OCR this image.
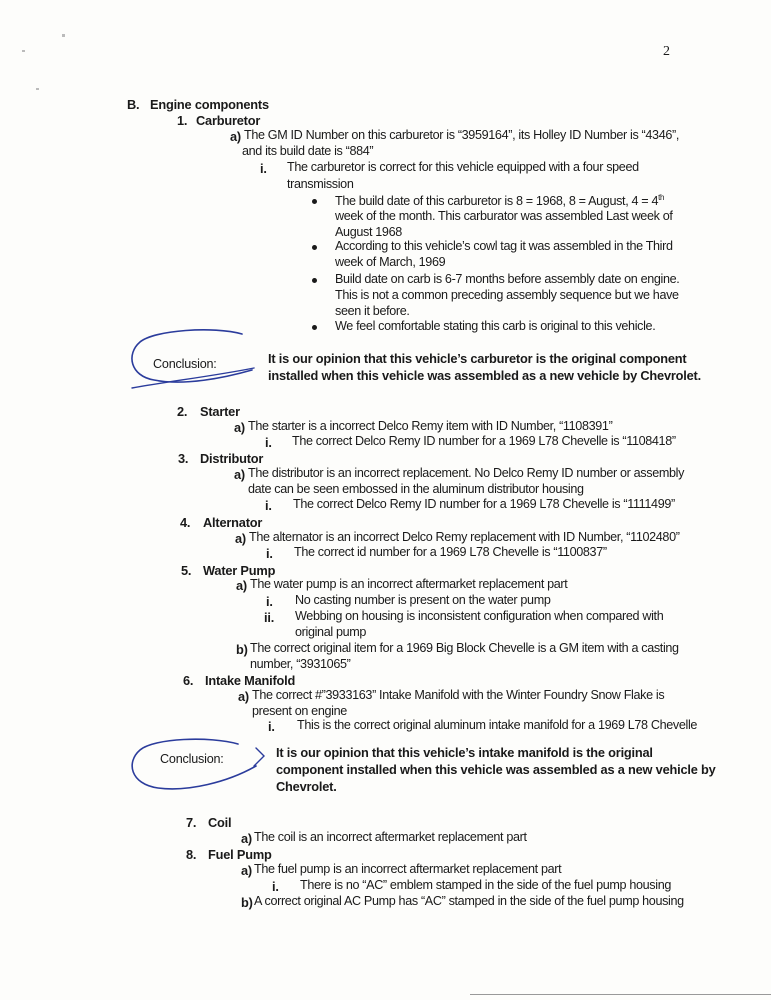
2
B. Engine components
1. Carburetor
a) The GM ID Number on this carburetor is “3959164”, its Holley ID Number is “4346”,
and its build date is “884”
i. The carburetor is correct for this vehicle equipped with a four speed
transmission
The build date of this carburetor is 8 = 1968, 8 = August, 4 = 4th
week of the month. This carburator was assembled Last week of
August 1968
According to this vehicle’s cowl tag it was assembled in the Third
week of March, 1969
Build date on carb is 6-7 months before assembly date on engine.
This is not a common preceding assembly sequence but we have
seen it before.
We feel comfortable stating this carb is original to this vehicle.
Conclusion:	It is our opinion that this vehicle’s carburetor is the original component
installed when this vehicle was assembled as a new vehicle by Chevrolet.
2. Starter
a) The starter is a incorrect Delco Remy item with ID Number, “1108391”
i. The correct Delco Remy ID number for a 1969 L78 Chevelle is “1108418”
3. Distributor
a) The distributor is an incorrect replacement. No Delco Remy ID number or assembly
date can be seen embossed in the aluminum distributor housing
i. The correct Delco Remy ID number for a 1969 L78 Chevelle is “1111499”
4. Alternator
a) The alternator is an incorrect Delco Remy replacement with ID Number, “1102480”
i. The correct id number for a 1969 L78 Chevelle is “1100837”
5. Water Pump
a) The water pump is an incorrect aftermarket replacement part
i. No casting number is present on the water pump
ii. Webbing on housing is inconsistent configuration when compared with
original pump
b) The correct original item for a 1969 Big Block Chevelle is a GM item with a casting
number, “3931065”
6. Intake Manifold
a) The correct #”3933163” Intake Manifold with the Winter Foundry Snow Flake is
present on engine
i. This is the correct original aluminum intake manifold for a 1969 L78 Chevelle
Conclusion:	It is our opinion that this vehicle’s intake manifold is the original
component installed when this vehicle was assembled as a new vehicle by
Chevrolet.
7. Coil
a) The coil is an incorrect aftermarket replacement part
8. Fuel Pump
a) The fuel pump is an incorrect aftermarket replacement part
i. There is no “AC” emblem stamped in the side of the fuel pump housing
b) A correct original AC Pump has “AC” stamped in the side of the fuel pump housing
